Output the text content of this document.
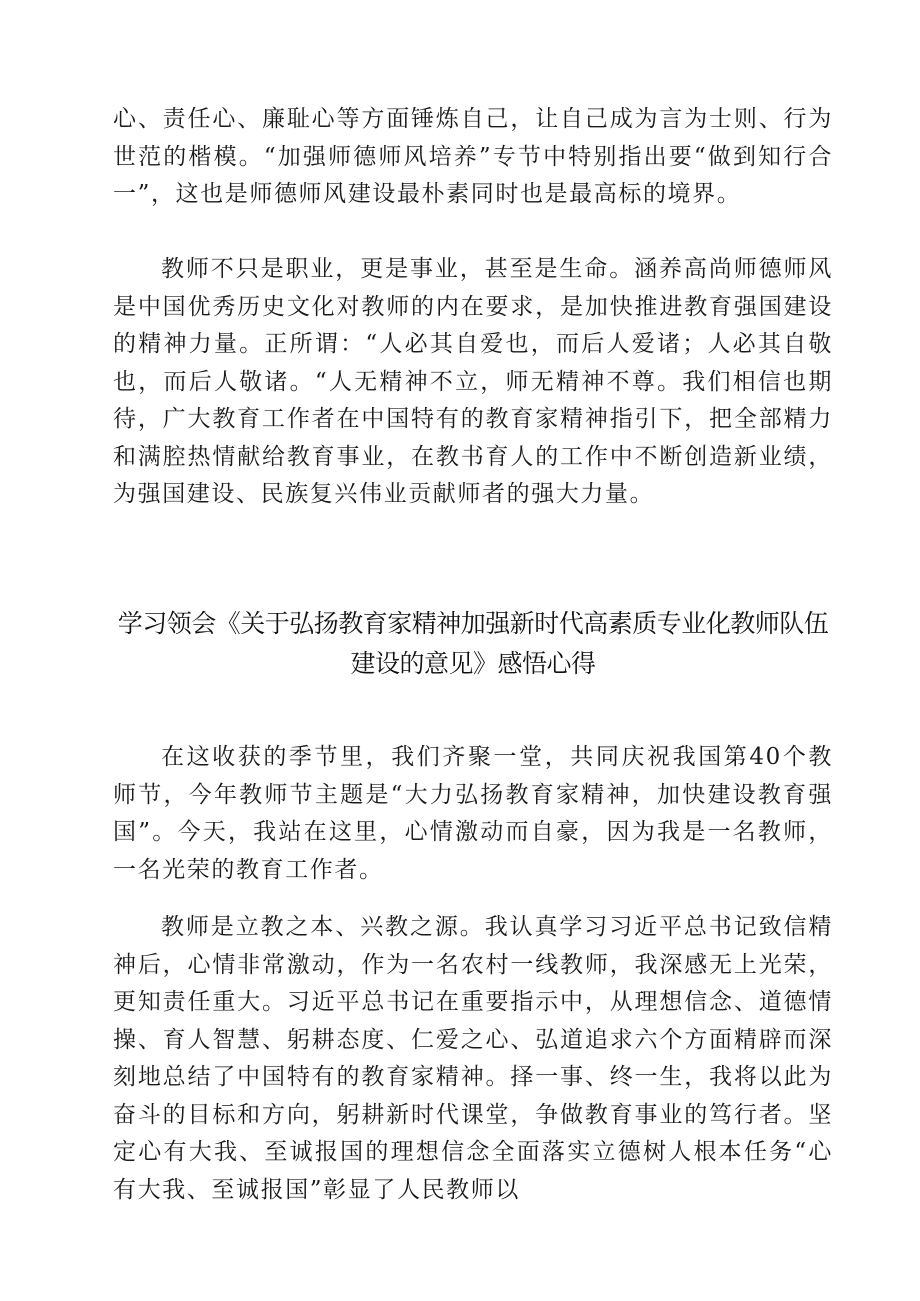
心、责任心、廉耻心等方面锤炼自己，让自己成为言为士则、行为世范的楷模。“加强师德师风培养”专节中特别指出要“做到知行合一”，这也是师德师风建设最朴素同时也是最高标的境界。

教师不只是职业，更是事业，甚至是生命。涵养高尚师德师风是中国优秀历史文化对教师的内在要求，是加快推进教育强国建设的精神力量。正所谓：“人必其自爱也，而后人爱诸；人必其自敬也，而后人敬诸。“人无精神不立，师无精神不尊。我们相信也期待，广大教育工作者在中国特有的教育家精神指引下，把全部精力和满腔热情献给教育事业，在教书育人的工作中不断创造新业绩，为强国建设、民族复兴伟业贡献师者的强大力量。

学习领会《关于弘扬教育家精神加强新时代高素质专业化教师队伍
建设的意见》感悟心得

在这收获的季节里，我们齐聚一堂，共同庆祝我国第40个教师节，今年教师节主题是“大力弘扬教育家精神，加快建设教育强国”。今天，我站在这里，心情激动而自豪，因为我是一名教师，一名光荣的教育工作者。

教师是立教之本、兴教之源。我认真学习习近平总书记致信精神后，心情非常激动，作为一名农村一线教师，我深感无上光荣，更知责任重大。习近平总书记在重要指示中，从理想信念、道德情操、育人智慧、躬耕态度、仁爱之心、弘道追求六个方面精辟而深刻地总结了中国特有的教育家精神。择一事、终一生，我将以此为奋斗的目标和方向，躬耕新时代课堂，争做教育事业的笃行者。坚定心有大我、至诚报国的理想信念全面落实立德树人根本任务“心有大我、至诚报国”彰显了人民教师以
